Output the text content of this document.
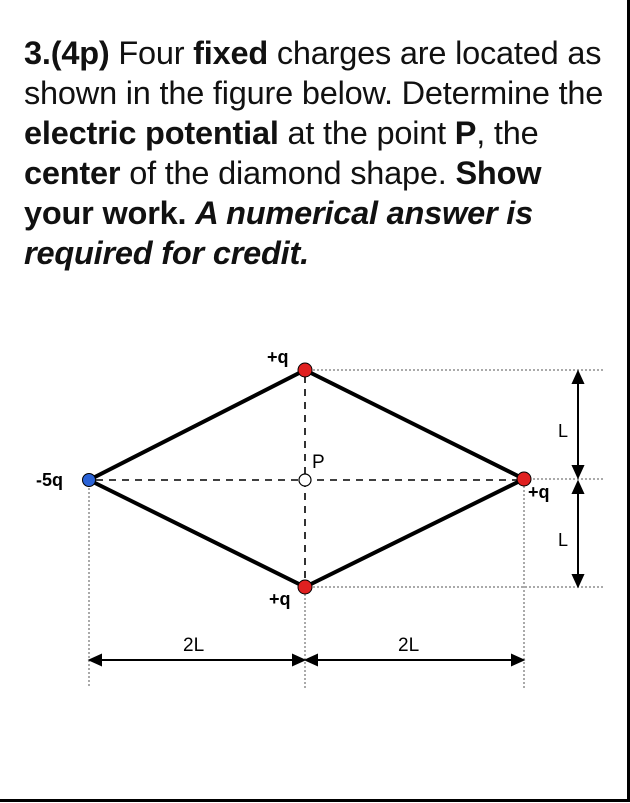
3.(4p) Four fixed charges are located as shown in the figure below. Determine the electric potential at the point P, the center of the diamond shape. Show your work. A numerical answer is required for credit.
P
+q
-5q
+q
+q
L
L
2L	2L
